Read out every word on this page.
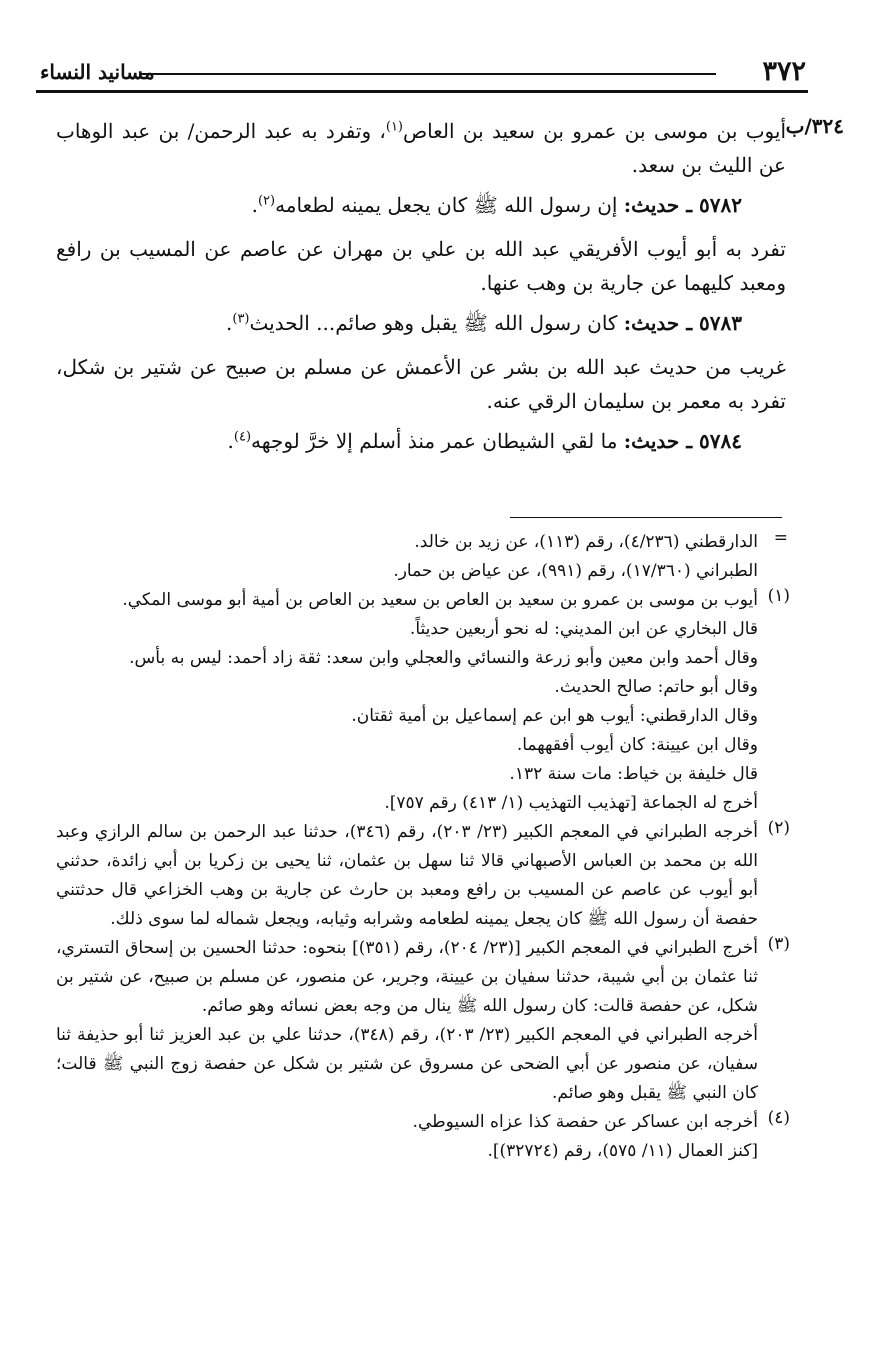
٣٧٢
مسانيد النساء
٣٢٤/ب

أيوب بن موسى بن عمرو بن سعيد بن العاص$^{(١)}$، وتفرد به عبد الرحمن/ بن عبد الوهاب عن الليث بن سعد.

٥٧٨٢ ـ حديث: إن رسول الله ﷺ كان يجعل يمينه لطعامه$^{(٢)}$.

تفرد به أبو أيوب الأفريقي عبد الله بن علي بن مهران عن عاصم عن المسيب بن رافع ومعبد كليهما عن جارية بن وهب عنها.

٥٧٨٣ ـ حديث: كان رسول الله ﷺ يقبل وهو صائم... الحديث$^{(٣)}$.

غريب من حديث عبد الله بن بشر عن الأعمش عن مسلم بن صبيح عن شتير بن شكل، تفرد به معمر بن سليمان الرقي عنه.

٥٧٨٤ ـ حديث: ما لقي الشيطان عمر منذ أسلم إلا خرَّ لوجهه$^{(٤)}$.

=

الدارقطني (٤/٢٣٦)، رقم (١١٣)، عن زيد بن خالد.

الطبراني (١٧/٣٦٠)، رقم (٩٩١)، عن عياض بن حمار.

(١)

أيوب بن موسى بن عمرو بن سعيد بن العاص بن سعيد بن العاص بن أمية أبو موسى المكي.

قال البخاري عن ابن المديني: له نحو أربعين حديثاً.

وقال أحمد وابن معين وأبو زرعة والنسائي والعجلي وابن سعد: ثقة زاد أحمد: ليس به بأس.

وقال أبو حاتم: صالح الحديث.

وقال الدارقطني: أيوب هو ابن عم إسماعيل بن أمية ثقتان.

وقال ابن عيينة: كان أيوب أفقههما.

قال خليفة بن خياط: مات سنة ١٣٢.

أخرج له الجماعة [تهذيب التهذيب (١/ ٤١٣) رقم ٧٥٧].

(٢)

أخرجه الطبراني في المعجم الكبير (٢٣/ ٢٠٣)، رقم (٣٤٦)، حدثنا عبد الرحمن بن سالم الرازي وعبد الله بن محمد بن العباس الأصبهاني قالا ثنا سهل بن عثمان، ثنا يحيى بن زكريا بن أبي زائدة، حدثني أبو أيوب عن عاصم عن المسيب بن رافع ومعبد بن حارث عن جارية بن وهب الخزاعي قال حدثتني حفصة أن رسول الله ﷺ كان يجعل يمينه لطعامه وشرابه وثيابه، ويجعل شماله لما سوى ذلك.

(٣)

أخرج الطبراني في المعجم الكبير [(٢٣/ ٢٠٤)، رقم (٣٥١)] بنحوه: حدثنا الحسين بن إسحاق التستري، ثنا عثمان بن أبي شيبة، حدثنا سفيان بن عيينة، وجرير، عن منصور، عن مسلم بن صبيح، عن شتير بن شكل، عن حفصة قالت: كان رسول الله ﷺ ينال من وجه بعض نسائه وهو صائم.

أخرجه الطبراني في المعجم الكبير (٢٣/ ٢٠٣)، رقم (٣٤٨)، حدثنا علي بن عبد العزيز ثنا أبو حذيفة ثنا سفيان، عن منصور عن أبي الضحى عن مسروق عن شتير بن شكل عن حفصة زوج النبي ﷺ قالت؛ كان النبي ﷺ يقبل وهو صائم.

(٤)

أخرجه ابن عساكر عن حفصة كذا عزاه السيوطي.

[كنز العمال (١١/ ٥٧٥)، رقم (٣٢٧٢٤)].
